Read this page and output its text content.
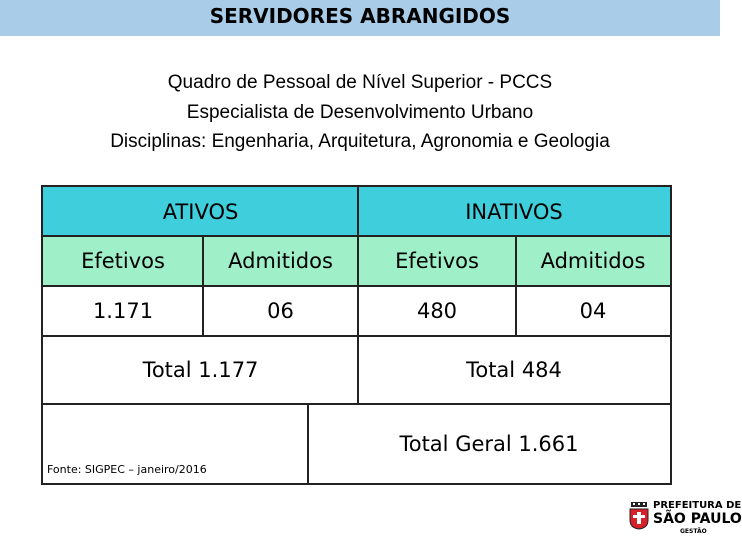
SERVIDORES ABRANGIDOS
Quadro de Pessoal de Nível Superior - PCCS
Especialista de Desenvolvimento Urbano
Disciplinas: Engenharia, Arquitetura, Agronomia e Geologia
ATIVOS	INATIVOS
Efetivos	Admitidos	Efetivos	Admitidos
1.171	06	480	04
Total 1.177	Total 484
Total Geral 1.661
Fonte: SIGPEC – janeiro/2016
PREFEITURA DE
SÃO PAULO
GESTÃO
